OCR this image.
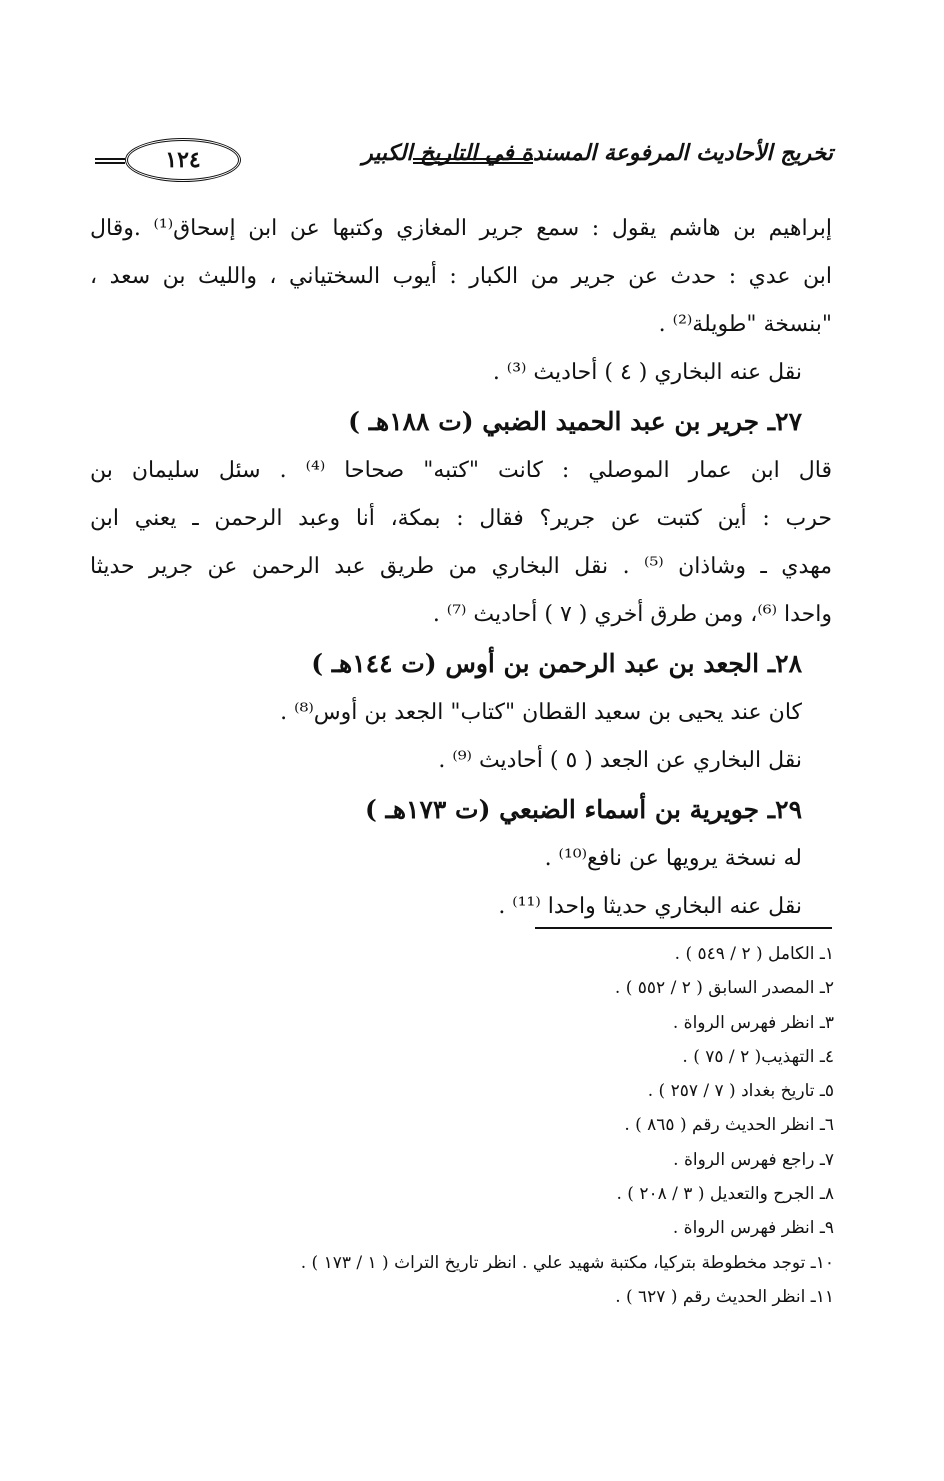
تخريج الأحاديث المرفوعة المسندة في التاريخ الكبير
١٢٤
إبراهيم بن هاشم يقول : سمع جرير المغازي وكتبها عن ابن إسحاق⁽¹⁾ .وقال
ابن عدي : حدث عن جرير من الكبار : أيوب السختياني ، والليث بن سعد ،
"بنسخة "طويلة⁽²⁾ .
نقل عنه البخاري ( ٤ ) أحاديث ⁽³⁾ .
٢٧ـ جرير بن عبد الحميد الضبي (ت ١٨٨هـ )
قال ابن عمار الموصلي : كانت "كتبه" صحاحا ⁽⁴⁾ . سئل سليمان بن
حرب : أين كتبت عن جرير؟ فقال : بمكة، أنا وعبد الرحمن ـ يعني ابن
مهدي ـ وشاذان ⁽⁵⁾ . نقل البخاري من طريق عبد الرحمن عن جرير حديثا
واحدا ⁽⁶⁾، ومن طرق أخري ( ٧ ) أحاديث ⁽⁷⁾ .
٢٨ـ الجعد بن عبد الرحمن بن أوس (ت ١٤٤هـ )
كان عند يحيى بن سعيد القطان "كتاب" الجعد بن أوس⁽⁸⁾ .
نقل البخاري عن الجعد ( ٥ ) أحاديث ⁽⁹⁾ .
٢٩ـ جويرية بن أسماء الضبعي (ت ١٧٣هـ )
له نسخة يرويها عن نافع⁽¹⁰⁾ .
نقل عنه البخاري حديثا واحدا ⁽¹¹⁾ .
١ـ الكامل ( ٢ / ٥٤٩ ) .
٢ـ المصدر السابق ( ٢ / ٥٥٢ ) .
٣ـ انظر فهرس الرواة .
٤ـ التهذيب( ٢ / ٧٥ ) .
٥ـ تاريخ بغداد ( ٧ / ٢٥٧ ) .
٦ـ انظر الحديث رقم ( ٨٦٥ ) .
٧ـ راجع فهرس الرواة .
٨ـ الجرح والتعديل ( ٣ / ٢٠٨ ) .
٩ـ انظر فهرس الرواة .
١٠ـ توجد مخطوطة بتركيا، مكتبة شهيد علي . انظر تاريخ التراث ( ١ / ١٧٣ ) .
١١ـ انظر الحديث رقم ( ٦٢٧ ) .
